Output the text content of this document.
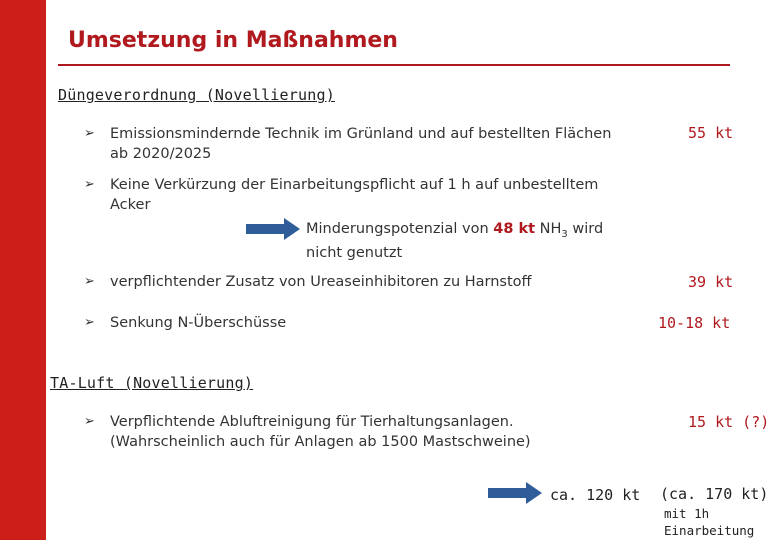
Umsetzung in Maßnahmen
Düngeverordnung (Novellierung)
➢
Emissionsmindernde Technik im Grünland und auf bestellten Flächen
ab 2020/2025
55 kt
➢
Keine Verkürzung der Einarbeitungspflicht auf 1 h auf unbestelltem
Acker
Minderungspotenzial von 48 kt $NH_3$ wird
nicht genutzt
➢
verpflichtender Zusatz von Ureaseinhibitoren zu Harnstoff	39 kt
➢
Senkung N-Überschüsse	10-18 kt
TA-Luft (Novellierung)
➢
Verpflichtende Abluftreinigung für Tierhaltungsanlagen.
(Wahrscheinlich auch für Anlagen ab 1500 Mastschweine)
15 kt (?)
ca. 120 kt (ca. 170 kt)
mit 1h
Einarbeitung
